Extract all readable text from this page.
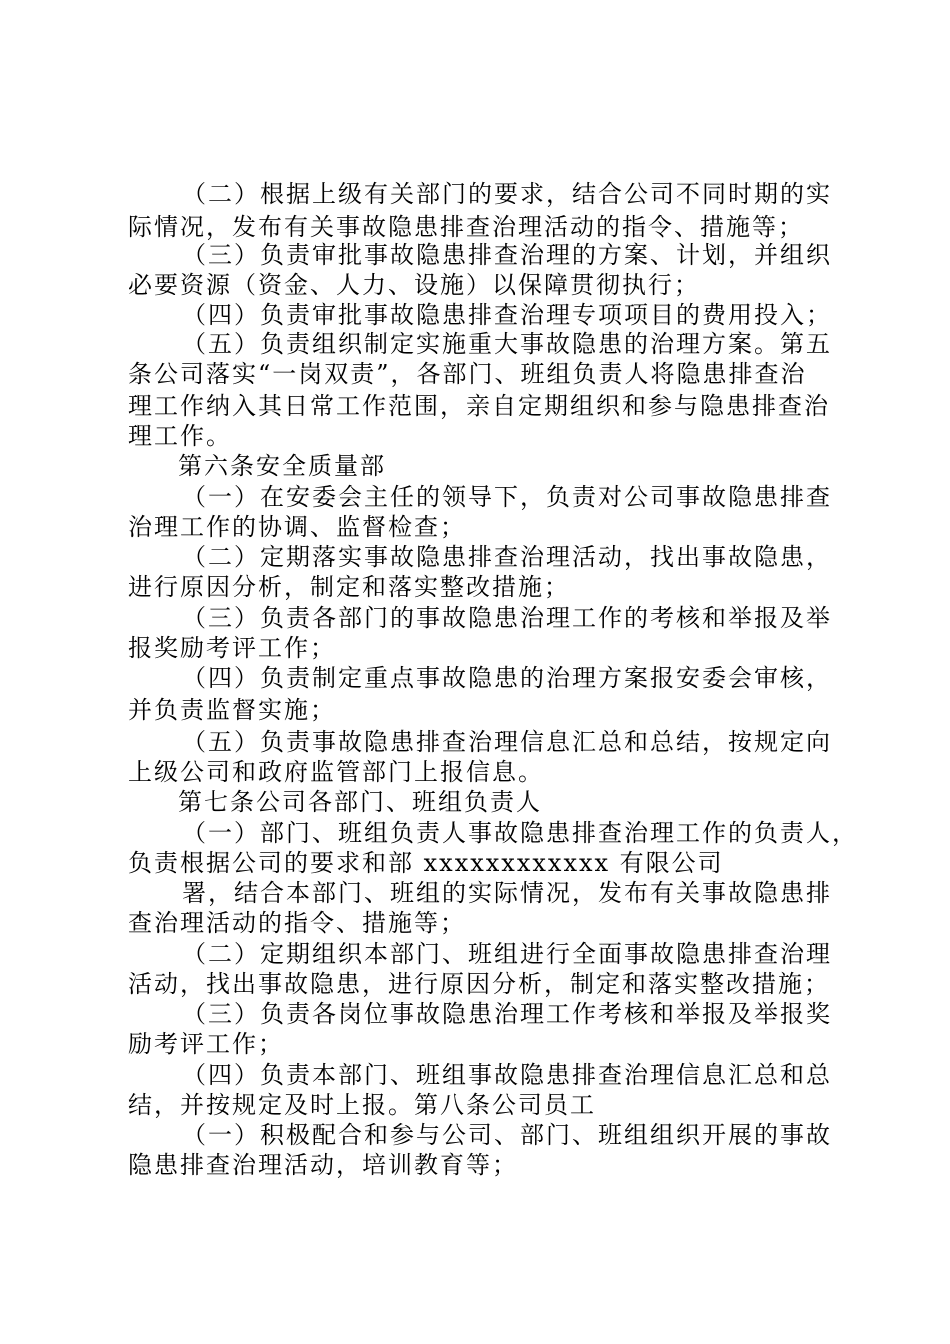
（二）根据上级有关部门的要求，结合公司不同时期的实
际情况，发布有关事故隐患排查治理活动的指令、措施等；
（三）负责审批事故隐患排查治理的方案、计划，并组织
必要资源（资金、人力、设施）以保障贯彻执行；
（四）负责审批事故隐患排查治理专项项目的费用投入；
（五）负责组织制定实施重大事故隐患的治理方案。第五
条公司落实“一岗双责”，各部门、班组负责人将隐患排查治
理工作纳入其日常工作范围，亲自定期组织和参与隐患排查治
理工作。
第六条安全质量部
（一）在安委会主任的领导下，负责对公司事故隐患排查
治理工作的协调、监督检查；
（二）定期落实事故隐患排查治理活动，找出事故隐患，
进行原因分析，制定和落实整改措施；
（三）负责各部门的事故隐患治理工作的考核和举报及举
报奖励考评工作；
（四）负责制定重点事故隐患的治理方案报安委会审核，
并负责监督实施；
（五）负责事故隐患排查治理信息汇总和总结，按规定向
上级公司和政府监管部门上报信息。
第七条公司各部门、班组负责人
（一）部门、班组负责人事故隐患排查治理工作的负责人，
负责根据公司的要求和部 xxxxxxxxxxxx 有限公司
署，结合本部门、班组的实际情况，发布有关事故隐患排
查治理活动的指令、措施等；
（二）定期组织本部门、班组进行全面事故隐患排查治理
活动，找出事故隐患，进行原因分析，制定和落实整改措施；
（三）负责各岗位事故隐患治理工作考核和举报及举报奖
励考评工作；
（四）负责本部门、班组事故隐患排查治理信息汇总和总
结，并按规定及时上报。第八条公司员工
（一）积极配合和参与公司、部门、班组组织开展的事故
隐患排查治理活动，培训教育等；
